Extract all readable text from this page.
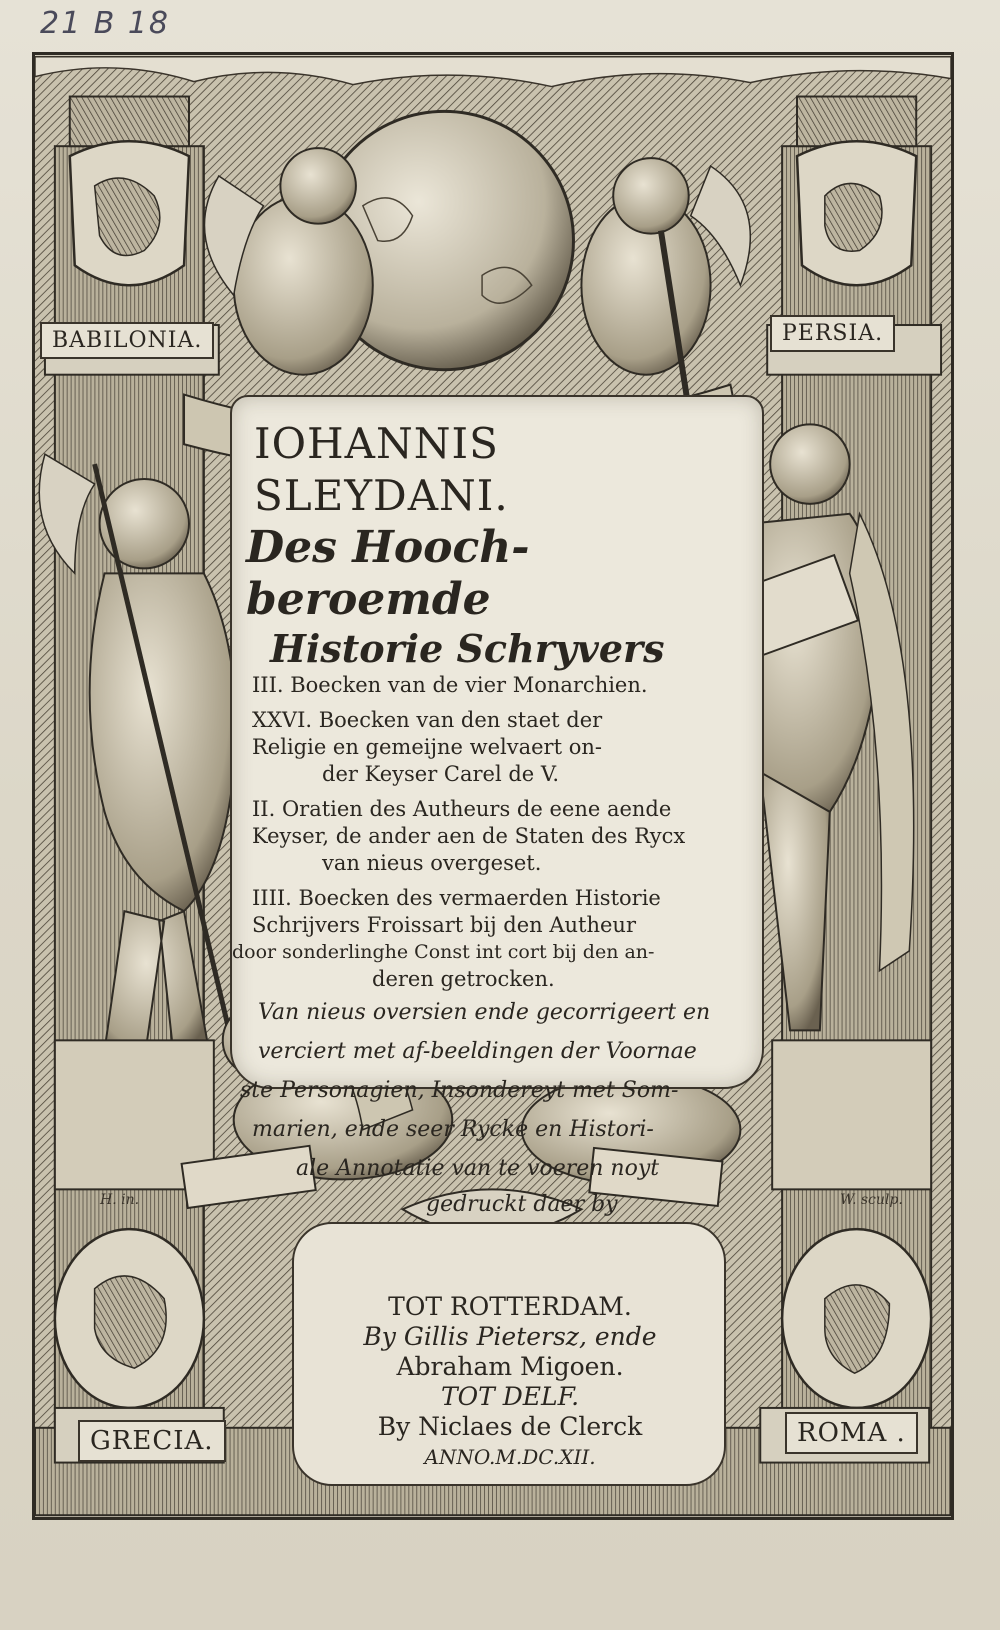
21 B 18
BABILONIA.	PERSIA.
GRECIA.	ROMA .

IOHANNIS SLEYDANI.

Des Hooch-beroemde

Historie Schryvers

III. Boecken van de vier Monarchien.

XXVI. Boecken van den staet der

Religie en gemeijne welvaert on-

der Keyser Carel de V.

II. Oratien des Autheurs de eene aende

Keyser, de ander aen de Staten des Rycx

van nieus overgeset.

IIII. Boecken des vermaerden Historie

Schrijvers Froissart bij den Autheur

door sonderlinghe Const int cort bij den an-

deren getrocken.

Van nieus oversien ende gecorrigeert en

verciert met af-beeldingen der Voornae

ste Personagien, Insondereyt met Som-

marien, ende seer Rycke en Histori-

ale Annotatie van te voeren noyt

gedruckt daer by

H. in.	W. sculp.

TOT ROTTERDAM.

By Gillis Pietersz, ende

Abraham Migoen.

TOT DELF.

By Niclaes de Clerck

ANNO.M.DC.XII.
